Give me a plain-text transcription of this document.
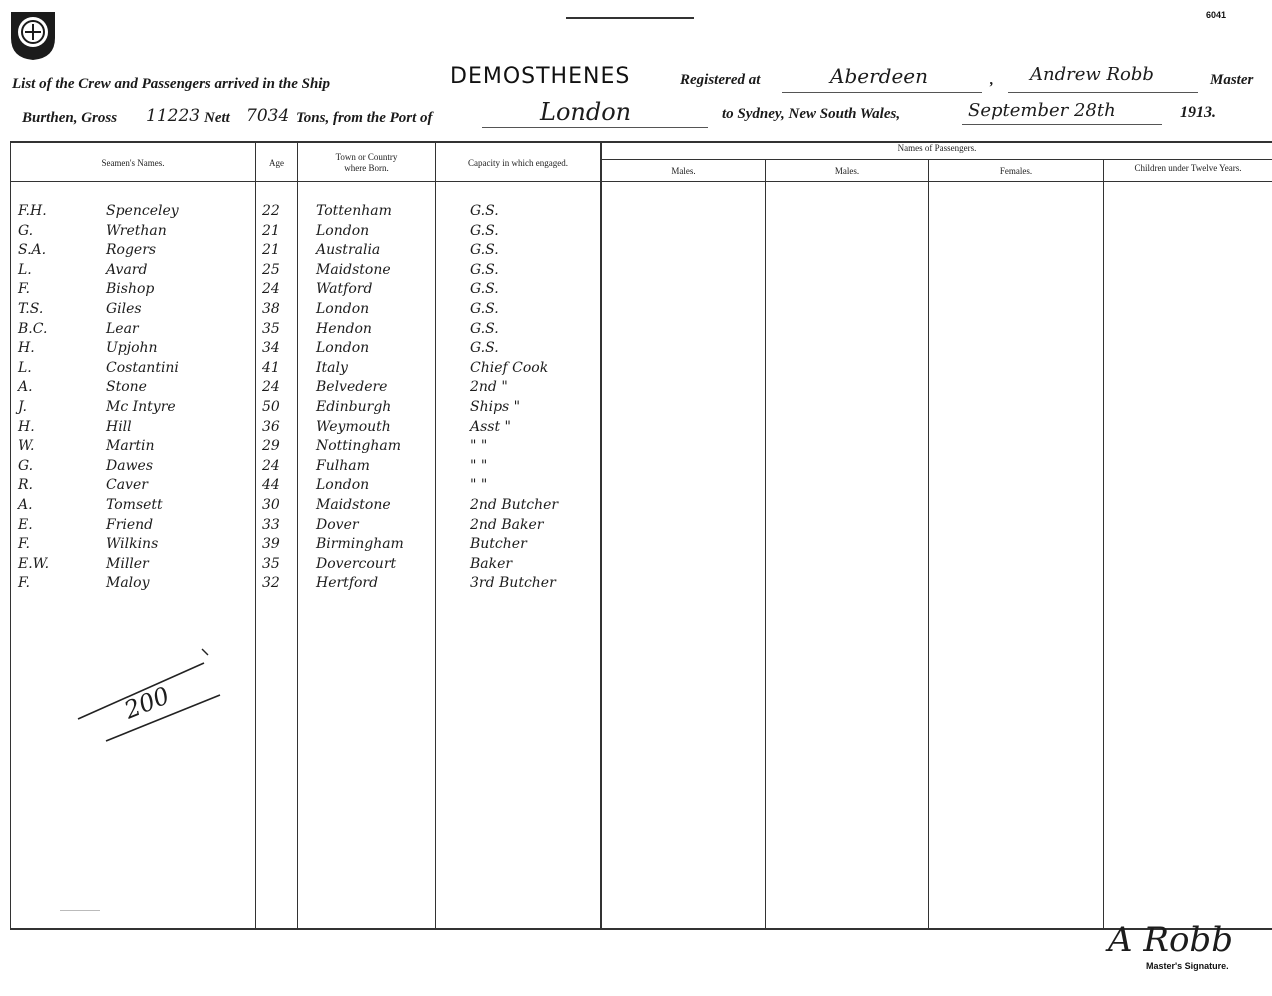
6041
List of the Crew and Passengers arrived in the Ship	DEMOSTHENES	Registered at	Aberdeen	, Andrew Robb	Master
Burthen, Gross 11223 Nett 7034 Tons, from the Port of	London	to Sydney, New South Wales,	September 28th	1913.
Seamen's Names.	Age
Town or Country
where Born.	Capacity in which engaged.
Names of Passengers.
Males.	Males.	Females.	Children under Twelve Years.
F.H.	Spenceley	22	Tottenham	G.S.
G.	Wrethan	21	London	G.S.
S.A.	Rogers	21	Australia	G.S.
L.	Avard	25	Maidstone	G.S.
F.	Bishop	24	Watford	G.S.
T.S.	Giles	38	London	G.S.
B.C.	Lear	35	Hendon	G.S.
H.	Upjohn	34	London	G.S.
L.	Costantini	41	Italy	Chief Cook
A.	Stone	24	Belvedere	2nd "
J.	Mc Intyre	50	Edinburgh	Ships "
H.	Hill	36	Weymouth	Asst "
W.	Martin	29	Nottingham	" "
G.	Dawes	24	Fulham	" "
R.	Caver	44	London	" "
A.	Tomsett	30	Maidstone	2nd Butcher
E.	Friend	33	Dover	2nd Baker
F.	Wilkins	39	Birmingham	Butcher
E.W.	Miller	35	Dovercourt	Baker
F.	Maloy	32	Hertford	3rd Butcher
200
A Robb
Master's Signature.
